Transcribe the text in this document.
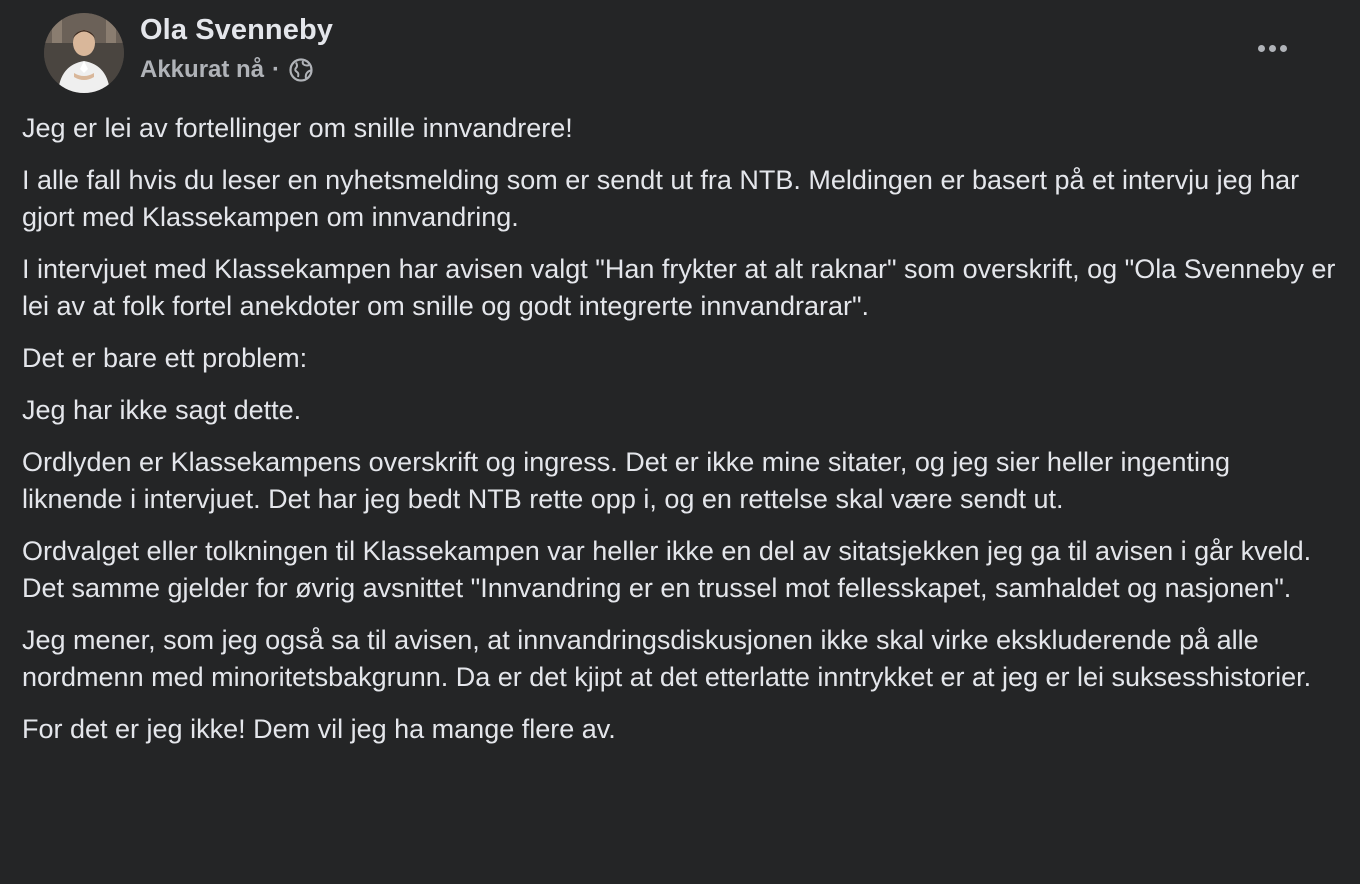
Ola Svenneby
Akkurat nå ·

Jeg er lei av fortellinger om snille innvandrere!

I alle fall hvis du leser en nyhetsmelding som er sendt ut fra NTB. Meldingen er basert på et intervju jeg har gjort med Klassekampen om innvandring.

I intervjuet med Klassekampen har avisen valgt "Han frykter at alt raknar" som overskrift, og "Ola Svenneby er lei av at folk fortel anekdoter om snille og godt integrerte innvandrarar".

Det er bare ett problem:

Jeg har ikke sagt dette.

Ordlyden er Klassekampens overskrift og ingress. Det er ikke mine sitater, og jeg sier heller ingenting liknende i intervjuet. Det har jeg bedt NTB rette opp i, og en rettelse skal være sendt ut.

Ordvalget eller tolkningen til Klassekampen var heller ikke en del av sitatsjekken jeg ga til avisen i går kveld. Det samme gjelder for øvrig avsnittet "Innvandring er en trussel mot fellesskapet, samhaldet og nasjonen".

Jeg mener, som jeg også sa til avisen, at innvandringsdiskusjonen ikke skal virke ekskluderende på alle nordmenn med minoritetsbakgrunn. Da er det kjipt at det etterlatte inntrykket er at jeg er lei suksesshistorier.

For det er jeg ikke! Dem vil jeg ha mange flere av.
